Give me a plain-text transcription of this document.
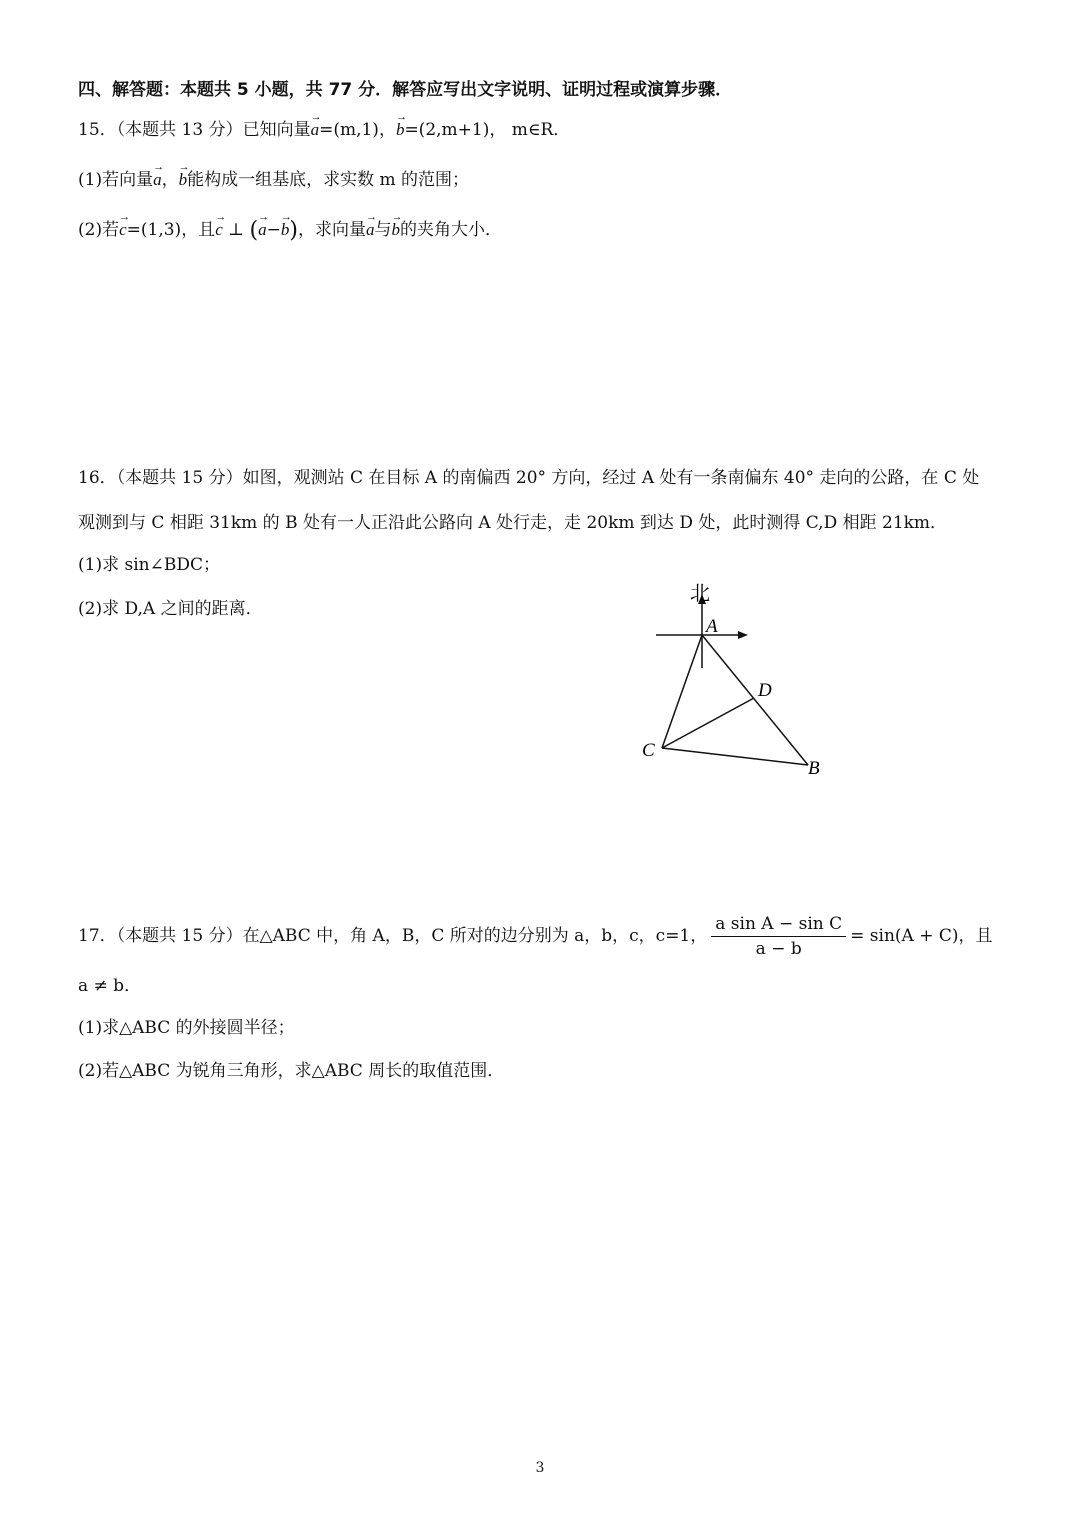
四、解答题：本题共 5 小题，共 77 分．解答应写出文字说明、证明过程或演算步骤．
15．（本题共 13 分）已知向量→ a=(m,1)，→ b=(2,m+1)， m∈R．
(1)若向量→ a，→ b能构成一组基底，求实数 m 的范围；
(2)若→ c=(1,3)，且→ c ⊥ (→ a−→ b)，求向量→ a与→ b的夹角大小．
16．（本题共 15 分）如图，观测站 C 在目标 A 的南偏西 20° 方向，经过 A 处有一条南偏东 40° 走向的公路，在 C 处
观测到与 C 相距 31km 的 B 处有一人正沿此公路向 A 处行走，走 20km 到达 D 处，此时测得 C,D 相距 21km．
(1)求 sin∠BDC；
(2)求 D,A 之间的距离．
北
A
D
C
B
17．（本题共 15 分）在△ABC 中，角 A，B，C 所对的边分别为 a，b，c，c=1， $\frac{\text{a sin A − sin C}}{a - b} = \sin(A + C)$，且
a ≠ b．
(1)求△ABC 的外接圆半径；
(2)若△ABC 为锐角三角形，求△ABC 周长的取值范围．
3
